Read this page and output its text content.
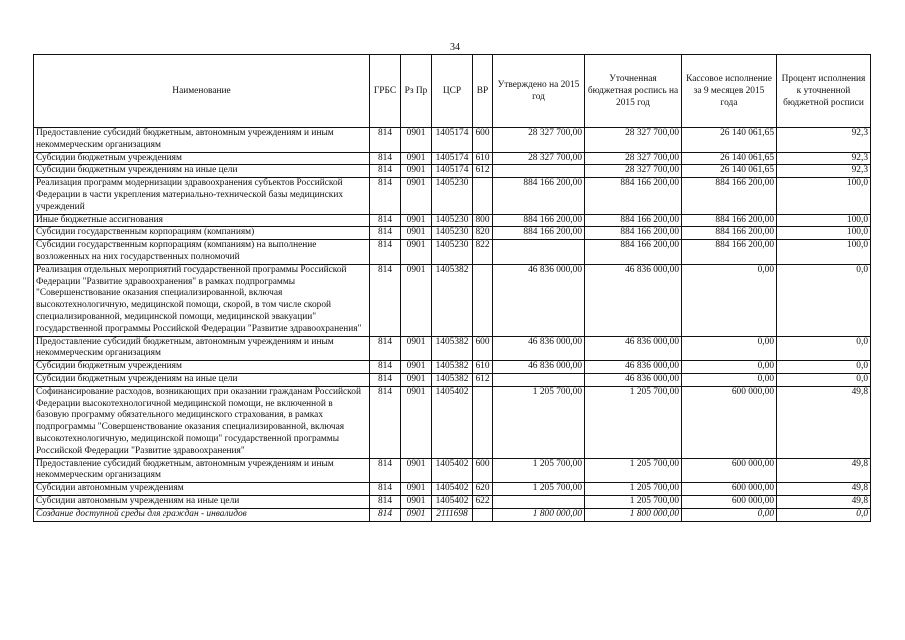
34
Наименование	ГРБС	Рз Пр	ЦСР	ВР	Утверждено на 2015 год	Уточненная бюджетная роспись на 2015 год	Кассовое исполнение за 9 месяцев 2015 года	Процент исполнения к уточненной бюджетной росписи
Предоставление субсидий бюджетным, автономным учреждениям и иным некоммерческим организациям	814	0901	1405174	600	28 327 700,00	28 327 700,00	26 140 061,65	92,3
Субсидии бюджетным учреждениям	814	0901	1405174	610	28 327 700,00	28 327 700,00	26 140 061,65	92,3
Субсидии бюджетным учреждениям на иные цели	814	0901	1405174	612		28 327 700,00	26 140 061,65	92,3
Реализация программ модернизации здравоохранения субъектов Российской Федерации в части укрепления материально-технической базы медицинских учреждений	814	0901	1405230		884 166 200,00	884 166 200,00	884 166 200,00	100,0
Иные бюджетные ассигнования	814	0901	1405230	800	884 166 200,00	884 166 200,00	884 166 200,00	100,0
Субсидии государственным корпорациям (компаниям)	814	0901	1405230	820	884 166 200,00	884 166 200,00	884 166 200,00	100,0
Субсидии государственным корпорациям (компаниям) на выполнение возложенных на них государственных полномочий	814	0901	1405230	822		884 166 200,00	884 166 200,00	100,0
Реализация отдельных мероприятий государственной программы Российской Федерации "Развитие здравоохранения" в рамках подпрограммы "Совершенствование оказания специализированной, включая высокотехнологичную, медицинской помощи, скорой, в том числе скорой специализированной, медицинской помощи, медицинской эвакуации" государственной программы Российской Федерации "Развитие здравоохранения"	814	0901	1405382		46 836 000,00	46 836 000,00	0,00	0,0
Предоставление субсидий бюджетным, автономным учреждениям и иным некоммерческим организациям	814	0901	1405382	600	46 836 000,00	46 836 000,00	0,00	0,0
Субсидии бюджетным учреждениям	814	0901	1405382	610	46 836 000,00	46 836 000,00	0,00	0,0
Субсидии бюджетным учреждениям на иные цели	814	0901	1405382	612		46 836 000,00	0,00	0,0
Софинансирование расходов, возникающих при оказании гражданам Российской Федерации высокотехнологичной медицинской помощи, не включенной в базовую программу обязательного медицинского страхования, в рамках подпрограммы "Совершенствование оказания специализированной, включая высокотехнологичную, медицинской помощи" государственной программы Российской Федерации "Развитие здравоохранения"	814	0901	1405402		1 205 700,00	1 205 700,00	600 000,00	49,8
Предоставление субсидий бюджетным, автономным учреждениям и иным некоммерческим организациям	814	0901	1405402	600	1 205 700,00	1 205 700,00	600 000,00	49,8
Субсидии автономным учреждениям	814	0901	1405402	620	1 205 700,00	1 205 700,00	600 000,00	49,8
Субсидии автономным учреждениям на иные цели	814	0901	1405402	622		1 205 700,00	600 000,00	49,8
Создание доступной среды для граждан - инвалидов	814	0901	2111698		1 800 000,00	1 800 000,00	0,00	0,0
